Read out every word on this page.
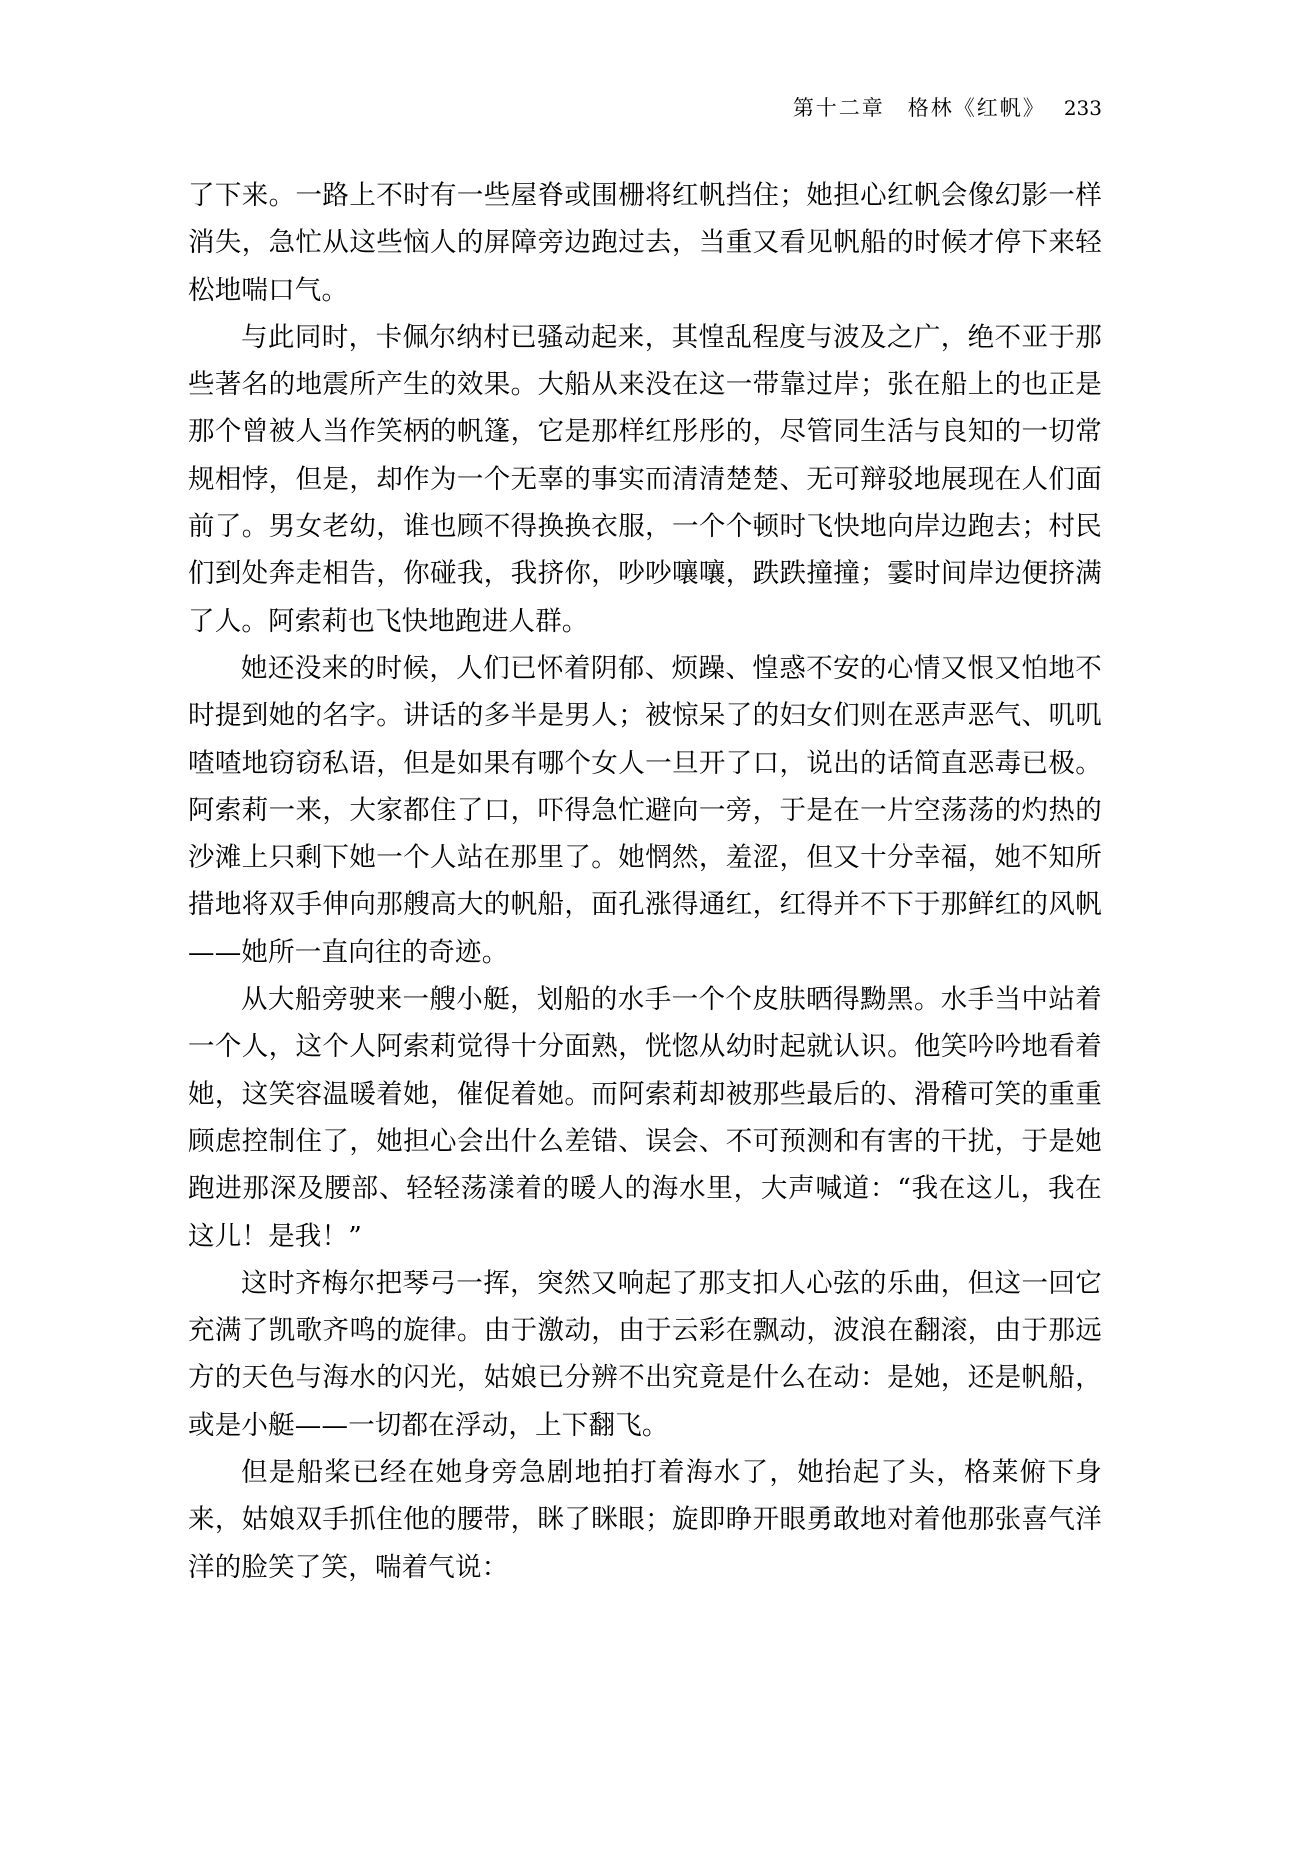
第十二章　格林《红帆》 233

了下来。一路上不时有一些屋脊或围栅将红帆挡住；她担心红帆会像幻影一样消失，急忙从这些恼人的屏障旁边跑过去，当重又看见帆船的时候才停下来轻松地喘口气。

与此同时，卡佩尔纳村已骚动起来，其惶乱程度与波及之广，绝不亚于那些著名的地震所产生的效果。大船从来没在这一带靠过岸；张在船上的也正是那个曾被人当作笑柄的帆篷，它是那样红彤彤的，尽管同生活与良知的一切常规相悖，但是，却作为一个无辜的事实而清清楚楚、无可辩驳地展现在人们面前了。男女老幼，谁也顾不得换换衣服，一个个顿时飞快地向岸边跑去；村民们到处奔走相告，你碰我，我挤你，吵吵嚷嚷，跌跌撞撞；霎时间岸边便挤满了人。阿索莉也飞快地跑进人群。

她还没来的时候，人们已怀着阴郁、烦躁、惶惑不安的心情又恨又怕地不时提到她的名字。讲话的多半是男人；被惊呆了的妇女们则在恶声恶气、叽叽喳喳地窃窃私语，但是如果有哪个女人一旦开了口，说出的话简直恶毒已极。阿索莉一来，大家都住了口，吓得急忙避向一旁，于是在一片空荡荡的灼热的沙滩上只剩下她一个人站在那里了。她惘然，羞涩，但又十分幸福，她不知所措地将双手伸向那艘高大的帆船，面孔涨得通红，红得并不下于那鲜红的风帆——她所一直向往的奇迹。

从大船旁驶来一艘小艇，划船的水手一个个皮肤晒得黝黑。水手当中站着一个人，这个人阿索莉觉得十分面熟，恍惚从幼时起就认识。他笑吟吟地看着她，这笑容温暖着她，催促着她。而阿索莉却被那些最后的、滑稽可笑的重重顾虑控制住了，她担心会出什么差错、误会、不可预测和有害的干扰，于是她跑进那深及腰部、轻轻荡漾着的暖人的海水里，大声喊道：“我在这儿，我在这儿！是我！”

这时齐梅尔把琴弓一挥，突然又响起了那支扣人心弦的乐曲，但这一回它充满了凯歌齐鸣的旋律。由于激动，由于云彩在飘动，波浪在翻滚，由于那远方的天色与海水的闪光，姑娘已分辨不出究竟是什么在动：是她，还是帆船，或是小艇——一切都在浮动，上下翻飞。

但是船桨已经在她身旁急剧地拍打着海水了，她抬起了头，格莱俯下身来，姑娘双手抓住他的腰带，眯了眯眼；旋即睁开眼勇敢地对着他那张喜气洋洋的脸笑了笑，喘着气说：
